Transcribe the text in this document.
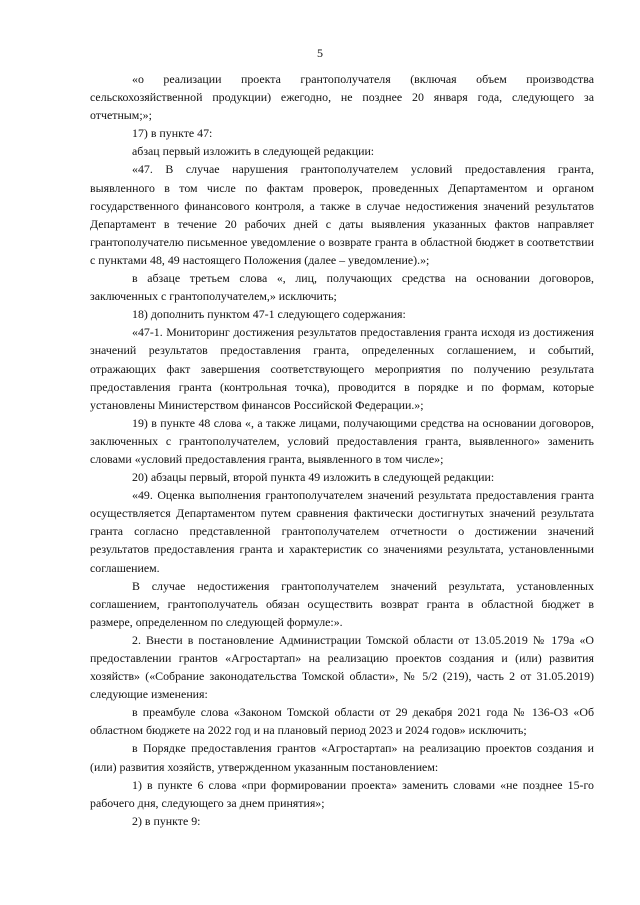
5

«о реализации проекта грантополучателя (включая объем производства сельскохозяйственной продукции) ежегодно, не позднее 20 января года, следующего за отчетным;»;

17) в пункте 47:

абзац первый изложить в следующей редакции:

«47. В случае нарушения грантополучателем условий предоставления гранта, выявленного в том числе по фактам проверок, проведенных Департаментом и органом государственного финансового контроля, а также в случае недостижения значений результатов Департамент в течение 20 рабочих дней с даты выявления указанных фактов направляет грантополучателю письменное уведомление о возврате гранта в областной бюджет в соответствии с пунктами 48, 49 настоящего Положения (далее – уведомление).»;

в абзаце третьем слова «, лиц, получающих средства на основании договоров, заключенных с грантополучателем,» исключить;

18) дополнить пунктом 47-1 следующего содержания:

«47-1. Мониторинг достижения результатов предоставления гранта исходя из достижения значений результатов предоставления гранта, определенных соглашением, и событий, отражающих факт завершения соответствующего мероприятия по получению результата предоставления гранта (контрольная точка), проводится в порядке и по формам, которые установлены Министерством финансов Российской Федерации.»;

19) в пункте 48 слова «, а также лицами, получающими средства на основании договоров, заключенных с грантополучателем, условий предоставления гранта, выявленного» заменить словами «условий предоставления гранта, выявленного в том числе»;

20) абзацы первый, второй пункта 49 изложить в следующей редакции:

«49. Оценка выполнения грантополучателем значений результата предоставления гранта осуществляется Департаментом путем сравнения фактически достигнутых значений результата гранта согласно представленной грантополучателем отчетности о достижении значений результатов предоставления гранта и характеристик со значениями результата, установленными соглашением.

В случае недостижения грантополучателем значений результата, установленных соглашением, грантополучатель обязан осуществить возврат гранта в областной бюджет в размере, определенном по следующей формуле:».

2. Внести в постановление Администрации Томской области от 13.05.2019 № 179а «О предоставлении грантов «Агростартап» на реализацию проектов создания и (или) развития хозяйств» («Собрание законодательства Томской области», № 5/2 (219), часть 2 от 31.05.2019) следующие изменения:

в преамбуле слова «Законом Томской области от 29 декабря 2021 года № 136-ОЗ «Об областном бюджете на 2022 год и на плановый период 2023 и 2024 годов» исключить;

в Порядке предоставления грантов «Агростартап» на реализацию проектов создания и (или) развития хозяйств, утвержденном указанным постановлением:

1) в пункте 6 слова «при формировании проекта» заменить словами «не позднее 15-го рабочего дня, следующего за днем принятия»;

2) в пункте 9:
